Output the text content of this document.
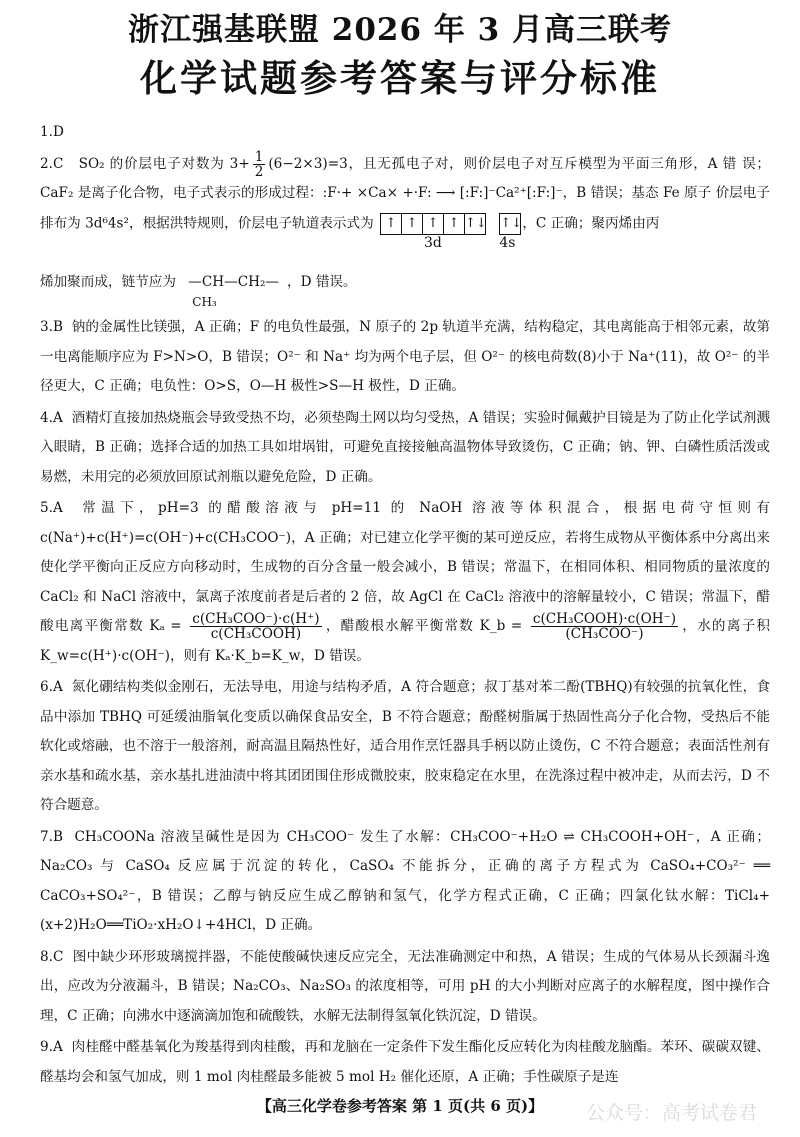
浙江强基联盟 2026 年 3 月高三联考
化学试题参考答案与评分标准
1.D
2.C SO₂ 的价层电子对数为 $3+ \frac{1}{2} (6-2\times 3)=3$，且无孤电子对，则价层电子对互斥模型为平面三角形，A 错 误；CaF₂ 是离子化合物，电子式表示的形成过程：:F·+ ×Ca× +·F: ⟶ [:F:]⁻Ca²⁺[:F:]⁻，B 错误；基态 Fe 原子 价层电子排布为 3d⁶4s²，根据洪特规则，价层电子轨道表示式为 ↑ ↑ ↑ ↑ ↑↓
3d
↑↓
4s
，C 正确；聚丙烯由丙

烯加聚而成，链节应为 —CH—CH₂—
CH₃
，D 错误。
3.B 钠的金属性比镁强，A 正确；F 的电负性最强，N 原子的 2p 轨道半充满，结构稳定，其电离能高于相邻元素，故第一电离能顺序应为 F>N>O，B 错误；O²⁻ 和 Na⁺ 均为两个电子层，但 O²⁻ 的核电荷数(8)小于 Na⁺(11)，故 O²⁻ 的半径更大，C 正确；电负性：O>S，O—H 极性>S—H 极性，D 正确。
4.A 酒精灯直接加热烧瓶会导致受热不均，必须垫陶土网以均匀受热，A 错误；实验时佩戴护目镜是为了防止化学试剂溅入眼睛，B 正确；选择合适的加热工具如坩埚钳，可避免直接接触高温物体导致烫伤，C 正确；钠、钾、白磷性质活泼或易燃，未用完的必须放回原试剂瓶以避免危险，D 正确。
5.A 常温下，pH=3 的醋酸溶液与 pH=11 的 NaOH 溶液等体积混合，根据电荷守恒则有 c(Na⁺)+c(H⁺)=c(OH⁻)+c(CH₃COO⁻)，A 正确；对已建立化学平衡的某可逆反应，若将生成物从平衡体系中分离出来使化学平衡向正反应方向移动时，生成物的百分含量一般会减小，B 错误；常温下，在相同体积、相同物质的量浓度的 CaCl₂ 和 NaCl 溶液中，氯离子浓度前者是后者的 2 倍，故 AgCl 在 CaCl₂ 溶液中的溶解量较小，C 错误；常温下，醋酸电离平衡常数 $K_a = \frac{\text{c(CH₃COO⁻)·c(H⁺)}}{\text{c(CH₃COOH)}}$ ，醋酸根水解平衡常数 K_b = $\frac{\text{c(CH₃COOH)·c(OH⁻)}}{\text{(CH₃COO⁻)}}$ ，水的离子积 K_w=c(H⁺)·c(OH⁻)，则有 Kₐ·K_b=K_w，D 错误。
6.A 氮化硼结构类似金刚石，无法导电，用途与结构矛盾，A 符合题意；叔丁基对苯二酚(TBHQ)有较强的抗氧化性，食品中添加 TBHQ 可延缓油脂氧化变质以确保食品安全，B 不符合题意；酚醛树脂属于热固性高分子化合物，受热后不能软化或熔融，也不溶于一般溶剂，耐高温且隔热性好，适合用作烹饪器具手柄以防止烫伤，C 不符合题意；表面活性剂有亲水基和疏水基，亲水基扎进油渍中将其团团围住形成微胶束，胶束稳定在水里，在洗涤过程中被冲走，从而去污，D 不符合题意。
7.B CH₃COONa 溶液呈碱性是因为 CH₃COO⁻ 发生了水解：CH₃COO⁻+H₂O ⇌ CH₃COOH+OH⁻，A 正确；Na₂CO₃ 与 CaSO₄ 反应属于沉淀的转化，CaSO₄ 不能拆分，正确的离子方程式为 CaSO₄+CO₃²⁻ ══ CaCO₃+SO₄²⁻，B 错误；乙醇与钠反应生成乙醇钠和氢气，化学方程式正确，C 正确；四氯化钛水解：TiCl₄+(x+2)H₂O══TiO₂·xH₂O↓+4HCl，D 正确。
8.C 图中缺少环形玻璃搅拌器，不能使酸碱快速反应完全，无法准确测定中和热，A 错误；生成的气体易从长颈漏斗逸出，应改为分液漏斗，B 错误；Na₂CO₃、Na₂SO₃ 的浓度相等，可用 pH 的大小判断对应离子的水解程度，图中操作合理，C 正确；向沸水中逐滴滴加饱和硫酸铁，水解无法制得氢氧化铁沉淀，D 错误。
9.A 肉桂醛中醛基氧化为羧基得到肉桂酸，再和龙脑在一定条件下发生酯化反应转化为肉桂酸龙脑酯。苯环、碳碳双键、醛基均会和氢气加成，则 1 mol 肉桂醛最多能被 5 mol H₂ 催化还原，A 正确；手性碳原子是连
【高三化学卷参考答案 第 1 页(共 6 页)】	公众号：高考试卷君
